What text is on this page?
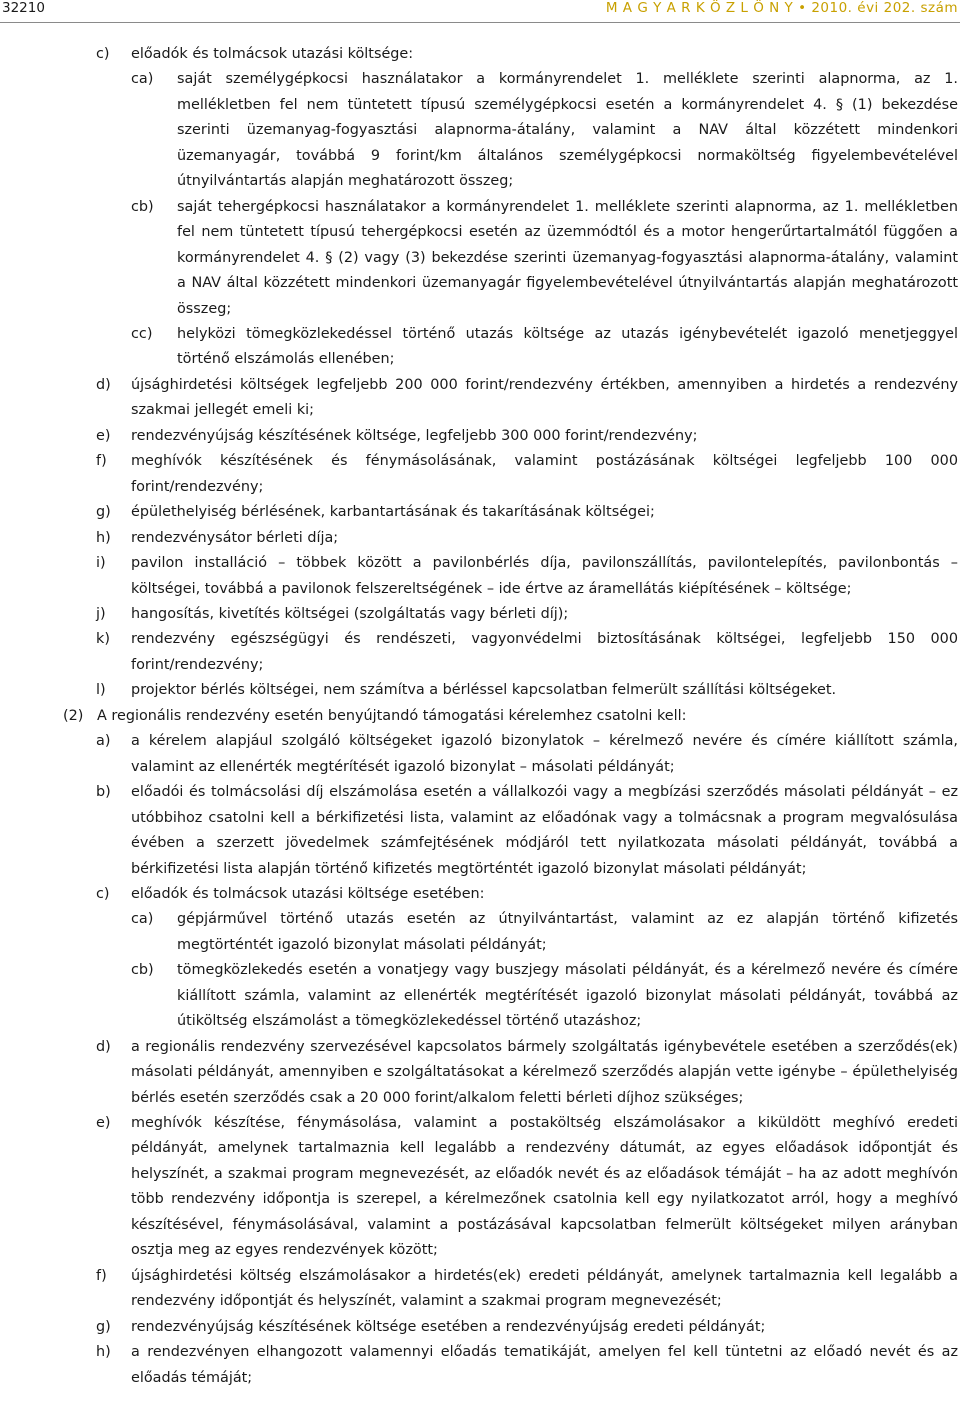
32210	M A G Y A R K Ö Z L Ö N Y • 2010. évi 202. szám
c) előadók és tolmácsok utazási költsége:
ca) saját személygépkocsi használatakor a kormányrendelet 1. melléklete szerinti alapnorma, az 1. mellékletben fel nem tüntetett típusú személygépkocsi esetén a kormányrendelet 4. § (1) bekezdése szerinti üzemanyag-fogyasztási alapnorma-átalány, valamint a NAV által közzétett mindenkori üzemanyagár, továbbá 9 forint/km általános személygépkocsi normaköltség figyelembevételével útnyilvántartás alapján meghatározott összeg;
cb) saját tehergépkocsi használatakor a kormányrendelet 1. melléklete szerinti alapnorma, az 1. mellékletben fel nem tüntetett típusú tehergépkocsi esetén az üzemmódtól és a motor hengerűrtartalmától függően a kormányrendelet 4. § (2) vagy (3) bekezdése szerinti üzemanyag-fogyasztási alapnorma-átalány, valamint a NAV által közzétett mindenkori üzemanyagár figyelembevételével útnyilvántartás alapján meghatározott összeg;
cc) helyközi tömegközlekedéssel történő utazás költsége az utazás igénybevételét igazoló menetjeggyel történő elszámolás ellenében;
d) újsághirdetési költségek legfeljebb 200 000 forint/rendezvény értékben, amennyiben a hirdetés a rendezvény szakmai jellegét emeli ki;
e) rendezvényújság készítésének költsége, legfeljebb 300 000 forint/rendezvény;
f) meghívók készítésének és fénymásolásának, valamint postázásának költségei legfeljebb 100 000 forint/rendezvény;
g) épülethelyiség bérlésének, karbantartásának és takarításának költségei;
h) rendezvénysátor bérleti díja;
i) pavilon installáció – többek között a pavilonbérlés díja, pavilonszállítás, pavilontelepítés, pavilonbontás – költségei, továbbá a pavilonok felszereltségének – ide értve az áramellátás kiépítésének – költsége;
j) hangosítás, kivetítés költségei (szolgáltatás vagy bérleti díj);
k) rendezvény egészségügyi és rendészeti, vagyonvédelmi biztosításának költségei, legfeljebb 150 000 forint/rendezvény;
l) projektor bérlés költségei, nem számítva a bérléssel kapcsolatban felmerült szállítási költségeket.
(2) A regionális rendezvény esetén benyújtandó támogatási kérelemhez csatolni kell:
a) a kérelem alapjául szolgáló költségeket igazoló bizonylatok – kérelmező nevére és címére kiállított számla, valamint az ellenérték megtérítését igazoló bizonylat – másolati példányát;
b) előadói és tolmácsolási díj elszámolása esetén a vállalkozói vagy a megbízási szerződés másolati példányát – ez utóbbihoz csatolni kell a bérkifizetési lista, valamint az előadónak vagy a tolmácsnak a program megvalósulása évében a szerzett jövedelmek számfejtésének módjáról tett nyilatkozata másolati példányát, továbbá a bérkifizetési lista alapján történő kifizetés megtörténtét igazoló bizonylat másolati példányát;
c) előadók és tolmácsok utazási költsége esetében:
ca) gépjárművel történő utazás esetén az útnyilvántartást, valamint az ez alapján történő kifizetés megtörténtét igazoló bizonylat másolati példányát;
cb) tömegközlekedés esetén a vonatjegy vagy buszjegy másolati példányát, és a kérelmező nevére és címére kiállított számla, valamint az ellenérték megtérítését igazoló bizonylat másolati példányát, továbbá az útiköltség elszámolást a tömegközlekedéssel történő utazáshoz;
d) a regionális rendezvény szervezésével kapcsolatos bármely szolgáltatás igénybevétele esetében a szerződés(ek) másolati példányát, amennyiben e szolgáltatásokat a kérelmező szerződés alapján vette igénybe – épülethelyiség bérlés esetén szerződés csak a 20 000 forint/alkalom feletti bérleti díjhoz szükséges;
e) meghívók készítése, fénymásolása, valamint a postaköltség elszámolásakor a kiküldött meghívó eredeti példányát, amelynek tartalmaznia kell legalább a rendezvény dátumát, az egyes előadások időpontját és helyszínét, a szakmai program megnevezését, az előadók nevét és az előadások témáját – ha az adott meghívón több rendezvény időpontja is szerepel, a kérelmezőnek csatolnia kell egy nyilatkozatot arról, hogy a meghívó készítésével, fénymásolásával, valamint a postázásával kapcsolatban felmerült költségeket milyen arányban osztja meg az egyes rendezvények között;
f) újsághirdetési költség elszámolásakor a hirdetés(ek) eredeti példányát, amelynek tartalmaznia kell legalább a rendezvény időpontját és helyszínét, valamint a szakmai program megnevezését;
g) rendezvényújság készítésének költsége esetében a rendezvényújság eredeti példányát;
h) a rendezvényen elhangozott valamennyi előadás tematikáját, amelyen fel kell tüntetni az előadó nevét és az előadás témáját;
